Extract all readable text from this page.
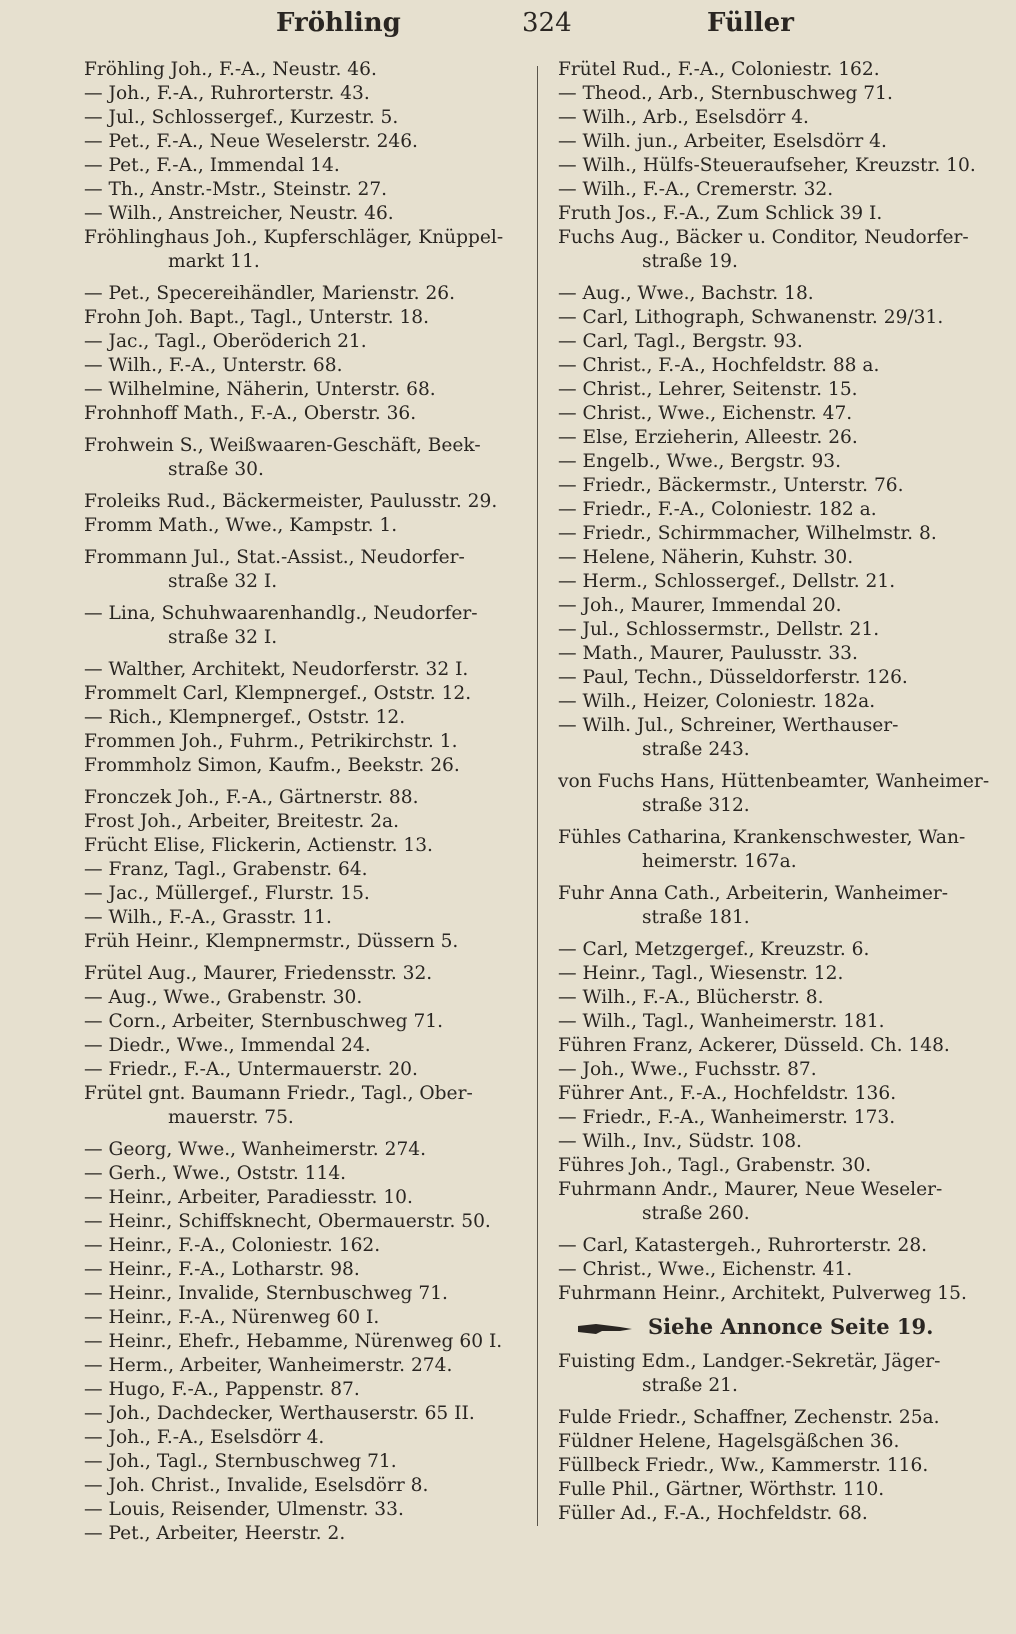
Fröhling	324	Füller
Fröhling Joh., F.-A., Neustr. 46.
— Joh., F.-A., Ruhrorterstr. 43.
— Jul., Schlossergef., Kurzestr. 5.
— Pet., F.-A., Neue Weselerstr. 246.
— Pet., F.-A., Immendal 14.
— Th., Anstr.-Mstr., Steinstr. 27.
— Wilh., Anstreicher, Neustr. 46.
Fröhlinghaus Joh., Kupferschläger, Knüppel-
markt 11.
— Pet., Specereihändler, Marienstr. 26.
Frohn Joh. Bapt., Tagl., Unterstr. 18.
— Jac., Tagl., Oberöderich 21.
— Wilh., F.-A., Unterstr. 68.
— Wilhelmine, Näherin, Unterstr. 68.
Frohnhoff Math., F.-A., Oberstr. 36.
Frohwein S., Weißwaaren-Geschäft, Beek-
straße 30.
Froleiks Rud., Bäckermeister, Paulusstr. 29.
Fromm Math., Wwe., Kampstr. 1.
Frommann Jul., Stat.-Assist., Neudorfer-
straße 32 I.
— Lina, Schuhwaarenhandlg., Neudorfer-
straße 32 I.
— Walther, Architekt, Neudorferstr. 32 I.
Frommelt Carl, Klempnergef., Oststr. 12.
— Rich., Klempnergef., Oststr. 12.
Frommen Joh., Fuhrm., Petrikirchstr. 1.
Frommholz Simon, Kaufm., Beekstr. 26.
Fronczek Joh., F.-A., Gärtnerstr. 88.
Frost Joh., Arbeiter, Breitestr. 2a.
Frücht Elise, Flickerin, Actienstr. 13.
— Franz, Tagl., Grabenstr. 64.
— Jac., Müllergef., Flurstr. 15.
— Wilh., F.-A., Grasstr. 11.
Früh Heinr., Klempnermstr., Düssern 5.
Frütel Aug., Maurer, Friedensstr. 32.
— Aug., Wwe., Grabenstr. 30.
— Corn., Arbeiter, Sternbuschweg 71.
— Diedr., Wwe., Immendal 24.
— Friedr., F.-A., Untermauerstr. 20.
Frütel gnt. Baumann Friedr., Tagl., Ober-
mauerstr. 75.
— Georg, Wwe., Wanheimerstr. 274.
— Gerh., Wwe., Oststr. 114.
— Heinr., Arbeiter, Paradiesstr. 10.
— Heinr., Schiffsknecht, Obermauerstr. 50.
— Heinr., F.-A., Coloniestr. 162.
— Heinr., F.-A., Lotharstr. 98.
— Heinr., Invalide, Sternbuschweg 71.
— Heinr., F.-A., Nürenweg 60 I.
— Heinr., Ehefr., Hebamme, Nürenweg 60 I.
— Herm., Arbeiter, Wanheimerstr. 274.
— Hugo, F.-A., Pappenstr. 87.
— Joh., Dachdecker, Werthauserstr. 65 II.
— Joh., F.-A., Eselsdörr 4.
— Joh., Tagl., Sternbuschweg 71.
— Joh. Christ., Invalide, Eselsdörr 8.
— Louis, Reisender, Ulmenstr. 33.
— Pet., Arbeiter, Heerstr. 2.
Frütel Rud., F.-A., Coloniestr. 162.
— Theod., Arb., Sternbuschweg 71.
— Wilh., Arb., Eselsdörr 4.
— Wilh. jun., Arbeiter, Eselsdörr 4.
— Wilh., Hülfs-Steueraufseher, Kreuzstr. 10.
— Wilh., F.-A., Cremerstr. 32.
Fruth Jos., F.-A., Zum Schlick 39 I.
Fuchs Aug., Bäcker u. Conditor, Neudorfer-
straße 19.
— Aug., Wwe., Bachstr. 18.
— Carl, Lithograph, Schwanenstr. 29/31.
— Carl, Tagl., Bergstr. 93.
— Christ., F.-A., Hochfeldstr. 88 a.
— Christ., Lehrer, Seitenstr. 15.
— Christ., Wwe., Eichenstr. 47.
— Else, Erzieherin, Alleestr. 26.
— Engelb., Wwe., Bergstr. 93.
— Friedr., Bäckermstr., Unterstr. 76.
— Friedr., F.-A., Coloniestr. 182 a.
— Friedr., Schirmmacher, Wilhelmstr. 8.
— Helene, Näherin, Kuhstr. 30.
— Herm., Schlossergef., Dellstr. 21.
— Joh., Maurer, Immendal 20.
— Jul., Schlossermstr., Dellstr. 21.
— Math., Maurer, Paulusstr. 33.
— Paul, Techn., Düsseldorferstr. 126.
— Wilh., Heizer, Coloniestr. 182a.
— Wilh. Jul., Schreiner, Werthauser-
straße 243.
von Fuchs Hans, Hüttenbeamter, Wanheimer-
straße 312.
Fühles Catharina, Krankenschwester, Wan-
heimerstr. 167a.
Fuhr Anna Cath., Arbeiterin, Wanheimer-
straße 181.
— Carl, Metzgergef., Kreuzstr. 6.
— Heinr., Tagl., Wiesenstr. 12.
— Wilh., F.-A., Blücherstr. 8.
— Wilh., Tagl., Wanheimerstr. 181.
Führen Franz, Ackerer, Düsseld. Ch. 148.
— Joh., Wwe., Fuchsstr. 87.
Führer Ant., F.-A., Hochfeldstr. 136.
— Friedr., F.-A., Wanheimerstr. 173.
— Wilh., Inv., Südstr. 108.
Führes Joh., Tagl., Grabenstr. 30.
Fuhrmann Andr., Maurer, Neue Weseler-
straße 260.
— Carl, Katastergeh., Ruhrorterstr. 28.
— Christ., Wwe., Eichenstr. 41.
Fuhrmann Heinr., Architekt, Pulverweg 15.
Siehe Annonce Seite 19.
Fuisting Edm., Landger.-Sekretär, Jäger-
straße 21.
Fulde Friedr., Schaffner, Zechenstr. 25a.
Füldner Helene, Hagelsgäßchen 36.
Füllbeck Friedr., Ww., Kammerstr. 116.
Fulle Phil., Gärtner, Wörthstr. 110.
Füller Ad., F.-A., Hochfeldstr. 68.
